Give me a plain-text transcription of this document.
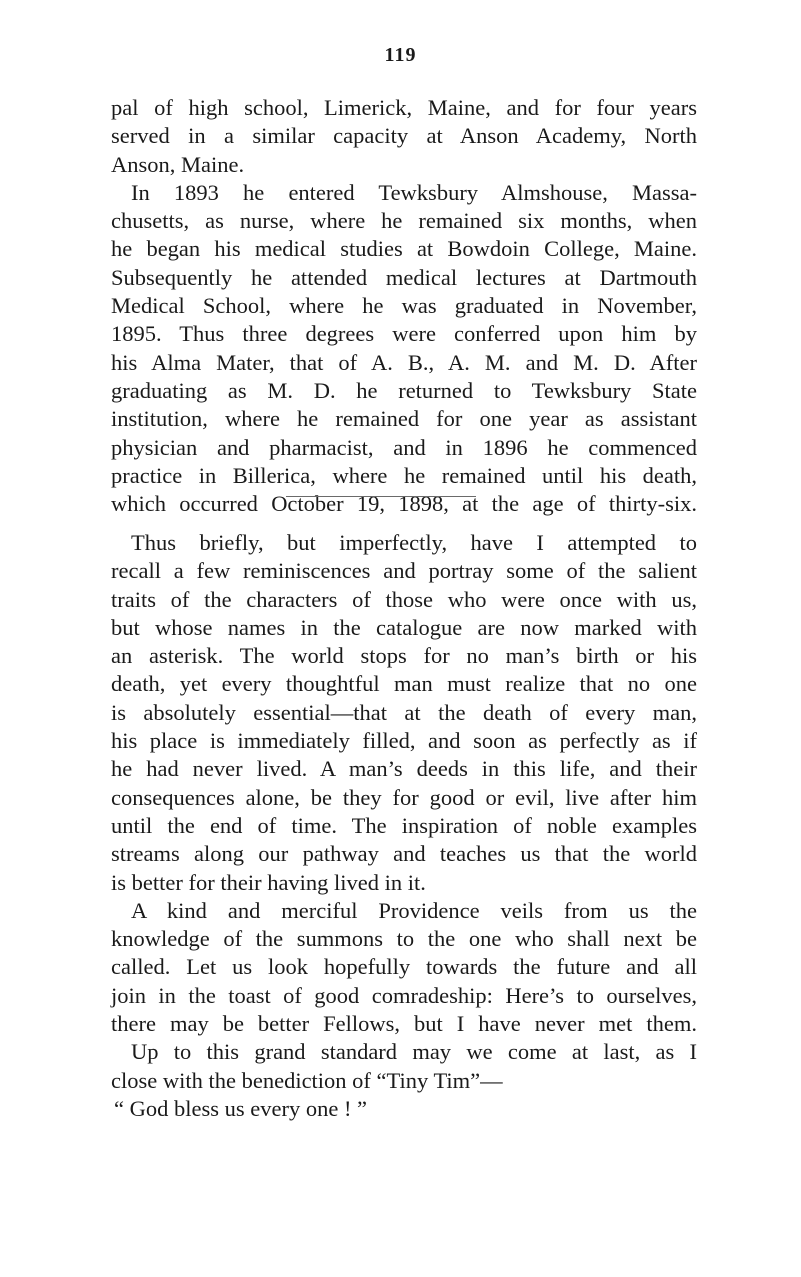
119
pal of high school, Limerick, Maine, and for four years
served in a similar capacity at Anson Academy, North
Anson, Maine.
In 1893 he entered Tewksbury Almshouse, Massa-
chusetts, as nurse, where he remained six months, when
he began his medical studies at Bowdoin College, Maine.
Subsequently he attended medical lectures at Dartmouth
Medical School, where he was graduated in November,
1895. Thus three degrees were conferred upon him by
his Alma Mater, that of A. B., A. M. and M. D. After
graduating as M. D. he returned to Tewksbury State
institution, where he remained for one year as assistant
physician and pharmacist, and in 1896 he commenced
practice in Billerica, where he remained until his death,
which occurred October 19, 1898, at the age of thirty-six.
Thus briefly, but imperfectly, have I attempted to
recall a few reminiscences and portray some of the salient
traits of the characters of those who were once with us,
but whose names in the catalogue are now marked with
an asterisk. The world stops for no man’s birth or his
death, yet every thoughtful man must realize that no one
is absolutely essential—that at the death of every man,
his place is immediately filled, and soon as perfectly as if
he had never lived. A man’s deeds in this life, and their
consequences alone, be they for good or evil, live after him
until the end of time. The inspiration of noble examples
streams along our pathway and teaches us that the world
is better for their having lived in it.
A kind and merciful Providence veils from us the
knowledge of the summons to the one who shall next be
called. Let us look hopefully towards the future and all
join in the toast of good comradeship: Here’s to ourselves,
there may be better Fellows, but I have never met them.
Up to this grand standard may we come at last, as I
close with the benediction of “Tiny Tim”—
“ God bless us every one ! ”
